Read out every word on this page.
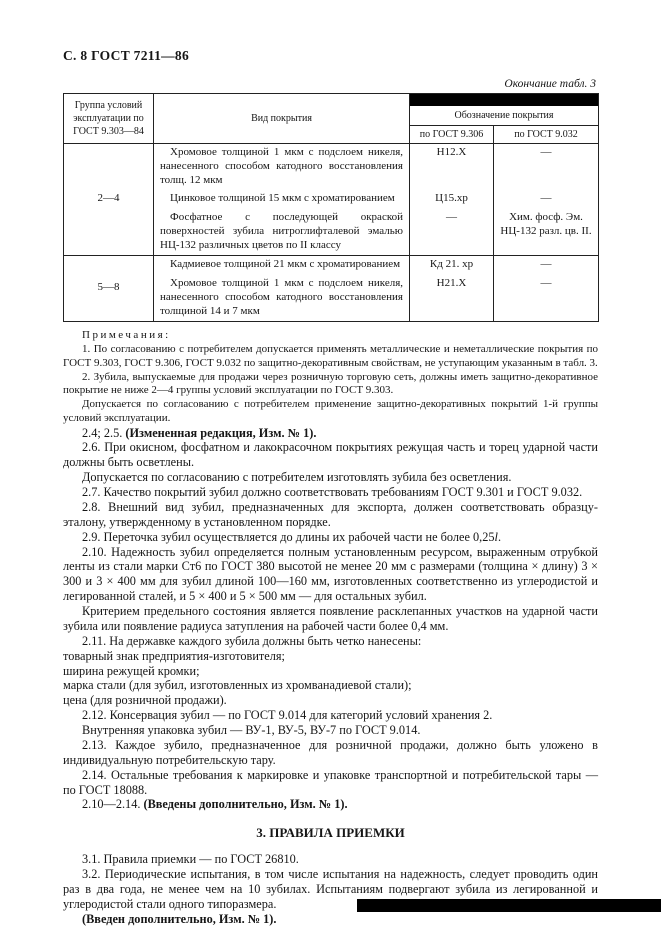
С. 8 ГОСТ 7211—86
Окончание табл. 3
Группа условий эксплуатации по ГОСТ 9.303—84	Вид покрытия	Обозначение покрытия	
		по ГОСТ 9.306	по ГОСТ 9.032
2—4	Хромовое толщиной 1 мкм с подслоем никеля, нанесенного способом катодного восстановления толщ. 12 мкм	Н12.Х	—
	Цинковое толщиной 15 мкм с хроматированием	Ц15.хр	—
	Фосфатное с последующей окраской поверхностей зубила нитроглифталевой эмалью НЦ-132 различных цветов по II классу	—	Хим. фосф. Эм. НЦ-132 разл. цв. II.
5—8	Кадмиевое толщиной 21 мкм с хроматированием	Кд 21. хр	—
	Хромовое толщиной 1 мкм с подслоем никеля, нанесенного способом катодного восстановления толщиной 14 и 7 мкм	Н21.Х	—

Примечания:

1. По согласованию с потребителем допускается применять металлические и неметаллические покрытия по ГОСТ 9.303, ГОСТ 9.306, ГОСТ 9.032 по защитно-декоративным свойствам, не уступающим указанным в табл. 3.

2. Зубила, выпускаемые для продажи через розничную торговую сеть, должны иметь защитно-декоративное покрытие не ниже 2—4 группы условий эксплуатации по ГОСТ 9.303.

Допускается по согласованию с потребителем применение защитно-декоративных покрытий 1-й группы условий эксплуатации.

2.4; 2.5. (Измененная редакция, Изм. № 1).

2.6. При окисном, фосфатном и лакокрасочном покрытиях режущая часть и торец ударной части должны быть осветлены.

Допускается по согласованию с потребителем изготовлять зубила без осветления.

2.7. Качество покрытий зубил должно соответствовать требованиям ГОСТ 9.301 и ГОСТ 9.032.

2.8. Внешний вид зубил, предназначенных для экспорта, должен соответствовать образцу-эталону, утвержденному в установленном порядке.

2.9. Переточка зубил осуществляется до длины их рабочей части не более 0,25l.

2.10. Надежность зубил определяется полным установленным ресурсом, выраженным отрубкой ленты из стали марки Ст6 по ГОСТ 380 высотой не менее 20 мм с размерами (толщина × длину) 3 × 300 и 3 × 400 мм для зубил длиной 100—160 мм, изготовленных соответственно из углеродистой и легированной сталей, и 5 × 400 и 5 × 500 мм — для остальных зубил.

Критерием предельного состояния является появление расклепанных участков на ударной части зубила или появление радиуса затупления на рабочей части более 0,4 мм.

2.11. На державке каждого зубила должны быть четко нанесены:

товарный знак предприятия-изготовителя;

ширина режущей кромки;

марка стали (для зубил, изготовленных из хромванадиевой стали);

цена (для розничной продажи).

2.12. Консервация зубил — по ГОСТ 9.014 для категорий условий хранения 2.

Внутренняя упаковка зубил — ВУ-1, ВУ-5, ВУ-7 по ГОСТ 9.014.

2.13. Каждое зубило, предназначенное для розничной продажи, должно быть уложено в индивидуальную потребительскую тару.

2.14. Остальные требования к маркировке и упаковке транспортной и потребительской тары — по ГОСТ 18088.

2.10—2.14. (Введены дополнительно, Изм. № 1).

3. ПРАВИЛА ПРИЕМКИ

3.1. Правила приемки — по ГОСТ 26810.

3.2. Периодические испытания, в том числе испытания на надежность, следует проводить один раз в два года, не менее чем на 10 зубилах. Испытаниям подвергают зубила из легированной и углеродистой стали одного типоразмера.

(Введен дополнительно, Изм. № 1).
